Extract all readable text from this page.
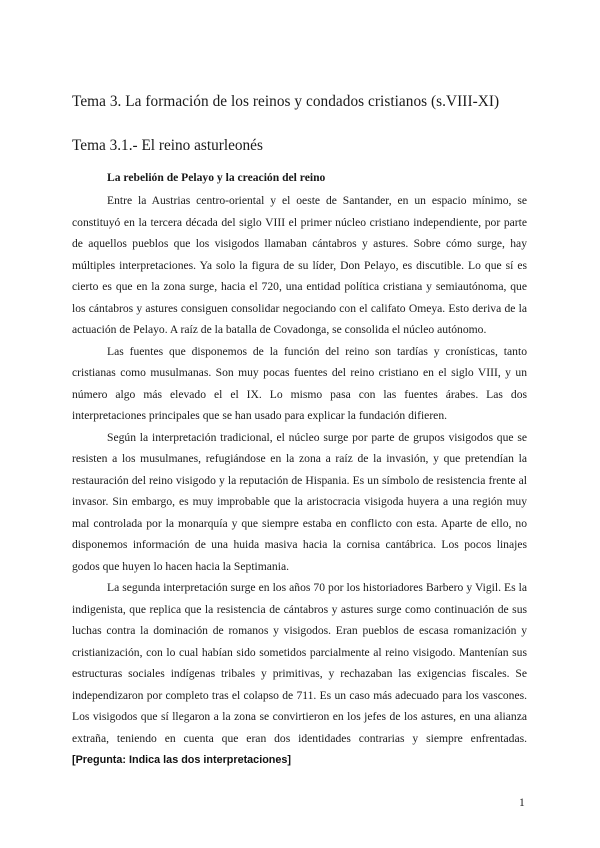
Tema 3. La formación de los reinos y condados cristianos (s.VIII-XI)
Tema 3.1.- El reino asturleonés
La rebelión de Pelayo y la creación del reino

Entre la Austrias centro-oriental y el oeste de Santander, en un espacio mínimo, se constituyó en la tercera década del siglo VIII el primer núcleo cristiano independiente, por parte de aquellos pueblos que los visigodos llamaban cántabros y astures. Sobre cómo surge, hay múltiples interpretaciones. Ya solo la figura de su líder, Don Pelayo, es discutible. Lo que sí es cierto es que en la zona surge, hacia el 720, una entidad política cristiana y semiautónoma, que los cántabros y astures consiguen consolidar negociando con el califato Omeya. Esto deriva de la actuación de Pelayo. A raíz de la batalla de Covadonga, se consolida el núcleo autónomo.

Las fuentes que disponemos de la función del reino son tardías y cronísticas, tanto cristianas como musulmanas. Son muy pocas fuentes del reino cristiano en el siglo VIII, y un número algo más elevado el el IX. Lo mismo pasa con las fuentes árabes. Las dos interpretaciones principales que se han usado para explicar la fundación difieren.

Según la interpretación tradicional, el núcleo surge por parte de grupos visigodos que se resisten a los musulmanes, refugiándose en la zona a raíz de la invasión, y que pretendían la restauración del reino visigodo y la reputación de Hispania. Es un símbolo de resistencia frente al invasor. Sin embargo, es muy improbable que la aristocracia visigoda huyera a una región muy mal controlada por la monarquía y que siempre estaba en conflicto con esta. Aparte de ello, no disponemos información de una huida masiva hacia la cornisa cantábrica. Los pocos linajes godos que huyen lo hacen hacia la Septimania.

La segunda interpretación surge en los años 70 por los historiadores Barbero y Vigil. Es la indigenista, que replica que la resistencia de cántabros y astures surge como continuación de sus luchas contra la dominación de romanos y visigodos. Eran pueblos de escasa romanización y cristianización, con lo cual habían sido sometidos parcialmente al reino visigodo. Mantenían sus estructuras sociales indígenas tribales y primitivas, y rechazaban las exigencias fiscales. Se independizaron por completo tras el colapso de 711. Es un caso más adecuado para los vascones. Los visigodos que sí llegaron a la zona se convirtieron en los jefes de los astures, en una alianza extraña, teniendo en cuenta que eran dos identidades contrarias y siempre enfrentadas. [Pregunta: Indica las dos interpretaciones]

1
